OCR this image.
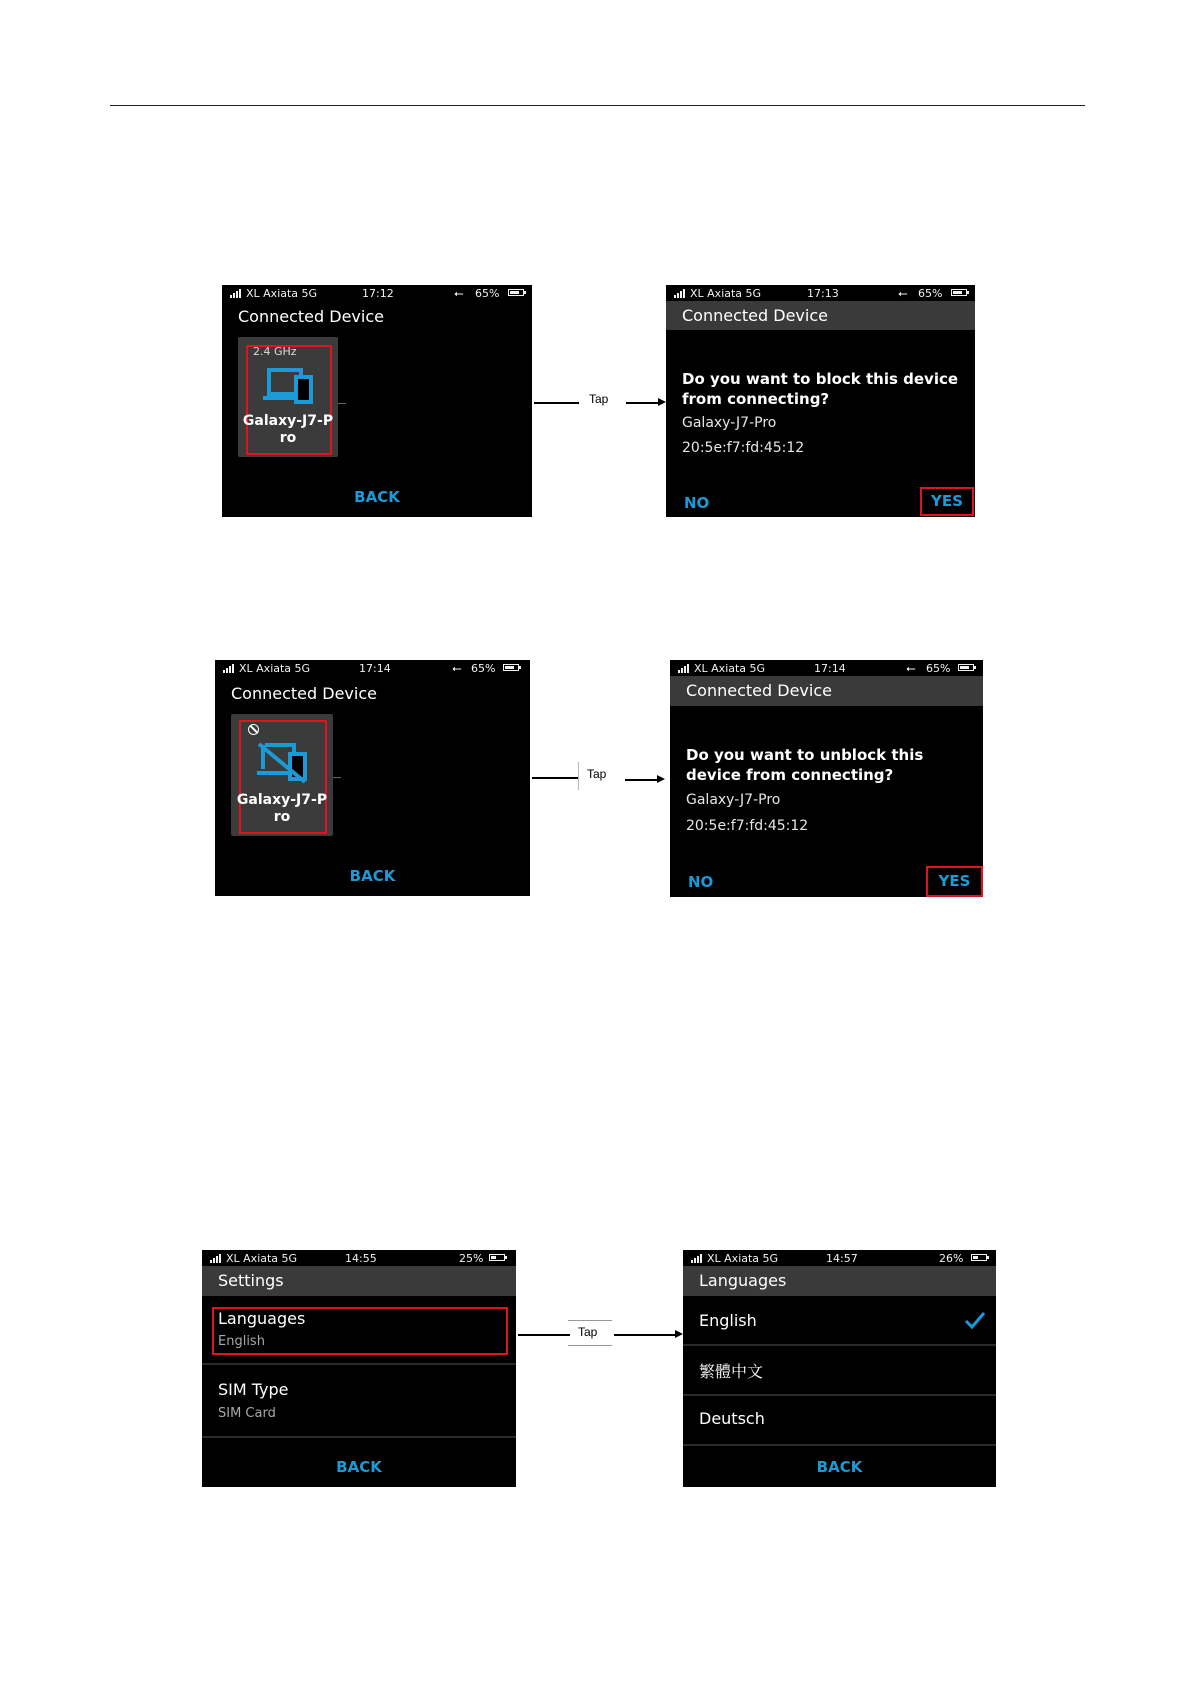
XL Axiata 5G	17:12	⭠ 65%
Connected Device
2.4 GHz
Galaxy-J7-P
ro
BACK
Tap
XL Axiata 5G	17:13	⭠ 65%
Connected Device
Do you want to block this device from connecting?
Galaxy-J7-Pro
20:5e:f7:fd:45:12
NO	YES
XL Axiata 5G	17:14	⭠ 65%
Connected Device
Galaxy-J7-P
ro
BACK
Tap
XL Axiata 5G	17:14	⭠ 65%
Connected Device
Do you want to unblock this device from connecting?
Galaxy-J7-Pro
20:5e:f7:fd:45:12
NO	YES
XL Axiata 5G	14:55	25%
Settings
Languages
English
SIM Type
SIM Card
BACK
Tap
XL Axiata 5G	14:57	26%
Languages
English
繁體中文
Deutsch
BACK
